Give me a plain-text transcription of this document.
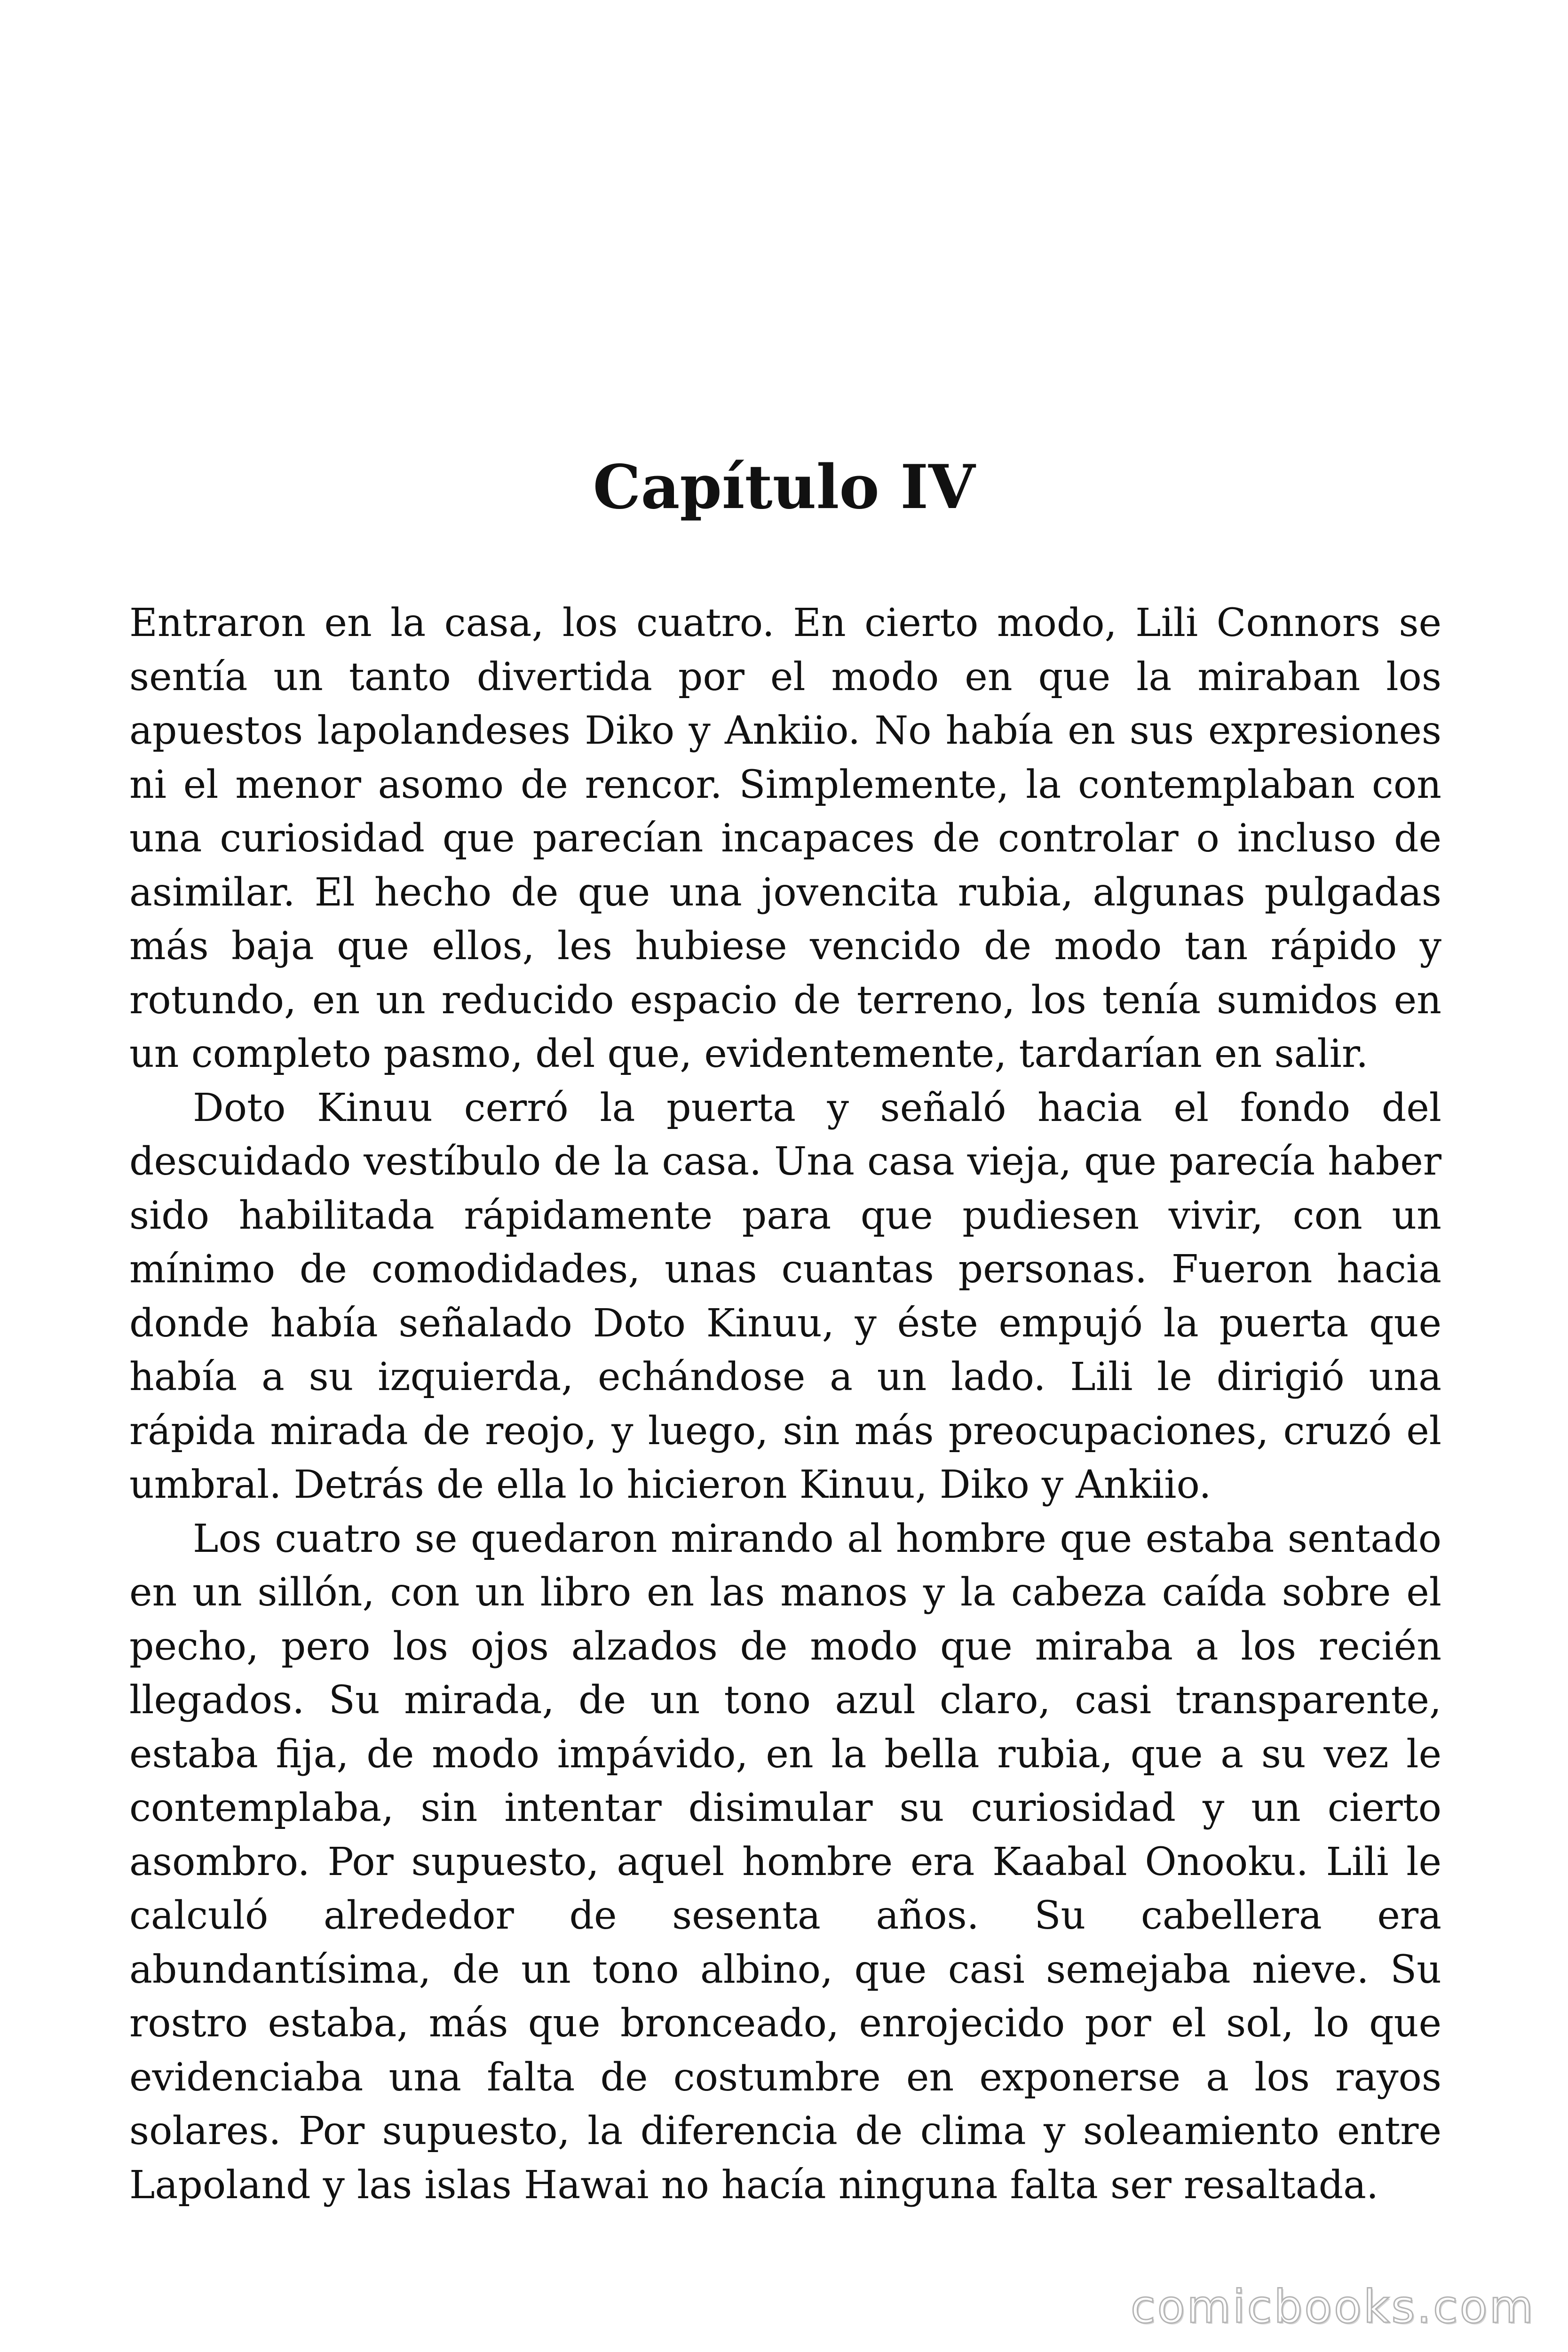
Capítulo IV

Entraron en la casa, los cuatro. En cierto modo, Lili Connors se sentía un tanto divertida por el modo en que la miraban los apuestos lapolandeses Diko y Ankiio. No había en sus expresiones ni el menor asomo de rencor. Simplemente, la contemplaban con una curiosidad que parecían incapaces de controlar o incluso de asimilar. El hecho de que una jovencita rubia, algunas pulgadas más baja que ellos, les hubiese vencido de modo tan rápido y rotundo, en un reducido espacio de terreno, los tenía sumidos en un completo pasmo, del que, evidentemente, tardarían en salir.

Doto Kinuu cerró la puerta y señaló hacia el fondo del descuidado vestíbulo de la casa. Una casa vieja, que parecía haber sido habilitada rápidamente para que pudiesen vivir, con un mínimo de comodidades, unas cuantas personas. Fueron hacia donde había señalado Doto Kinuu, y éste empujó la puerta que había a su izquierda, echándose a un lado. Lili le dirigió una rápida mirada de reojo, y luego, sin más preocupaciones, cruzó el umbral. Detrás de ella lo hicieron Kinuu, Diko y Ankiio.

Los cuatro se quedaron mirando al hombre que estaba sentado en un sillón, con un libro en las manos y la cabeza caída sobre el pecho, pero los ojos alzados de modo que miraba a los recién llegados. Su mirada, de un tono azul claro, casi transparente, estaba fija, de modo impávido, en la bella rubia, que a su vez le contemplaba, sin intentar disimular su curiosidad y un cierto asombro. Por supuesto, aquel hombre era Kaabal Onooku. Lili le calculó alrededor de sesenta años. Su cabellera era abundantísima, de un tono albino, que casi semejaba nieve. Su rostro estaba, más que bronceado, enrojecido por el sol, lo que evidenciaba una falta de costumbre en exponerse a los rayos solares. Por supuesto, la diferencia de clima y soleamiento entre Lapoland y las islas Hawai no hacía ninguna falta ser resaltada.

comicbooks.com
